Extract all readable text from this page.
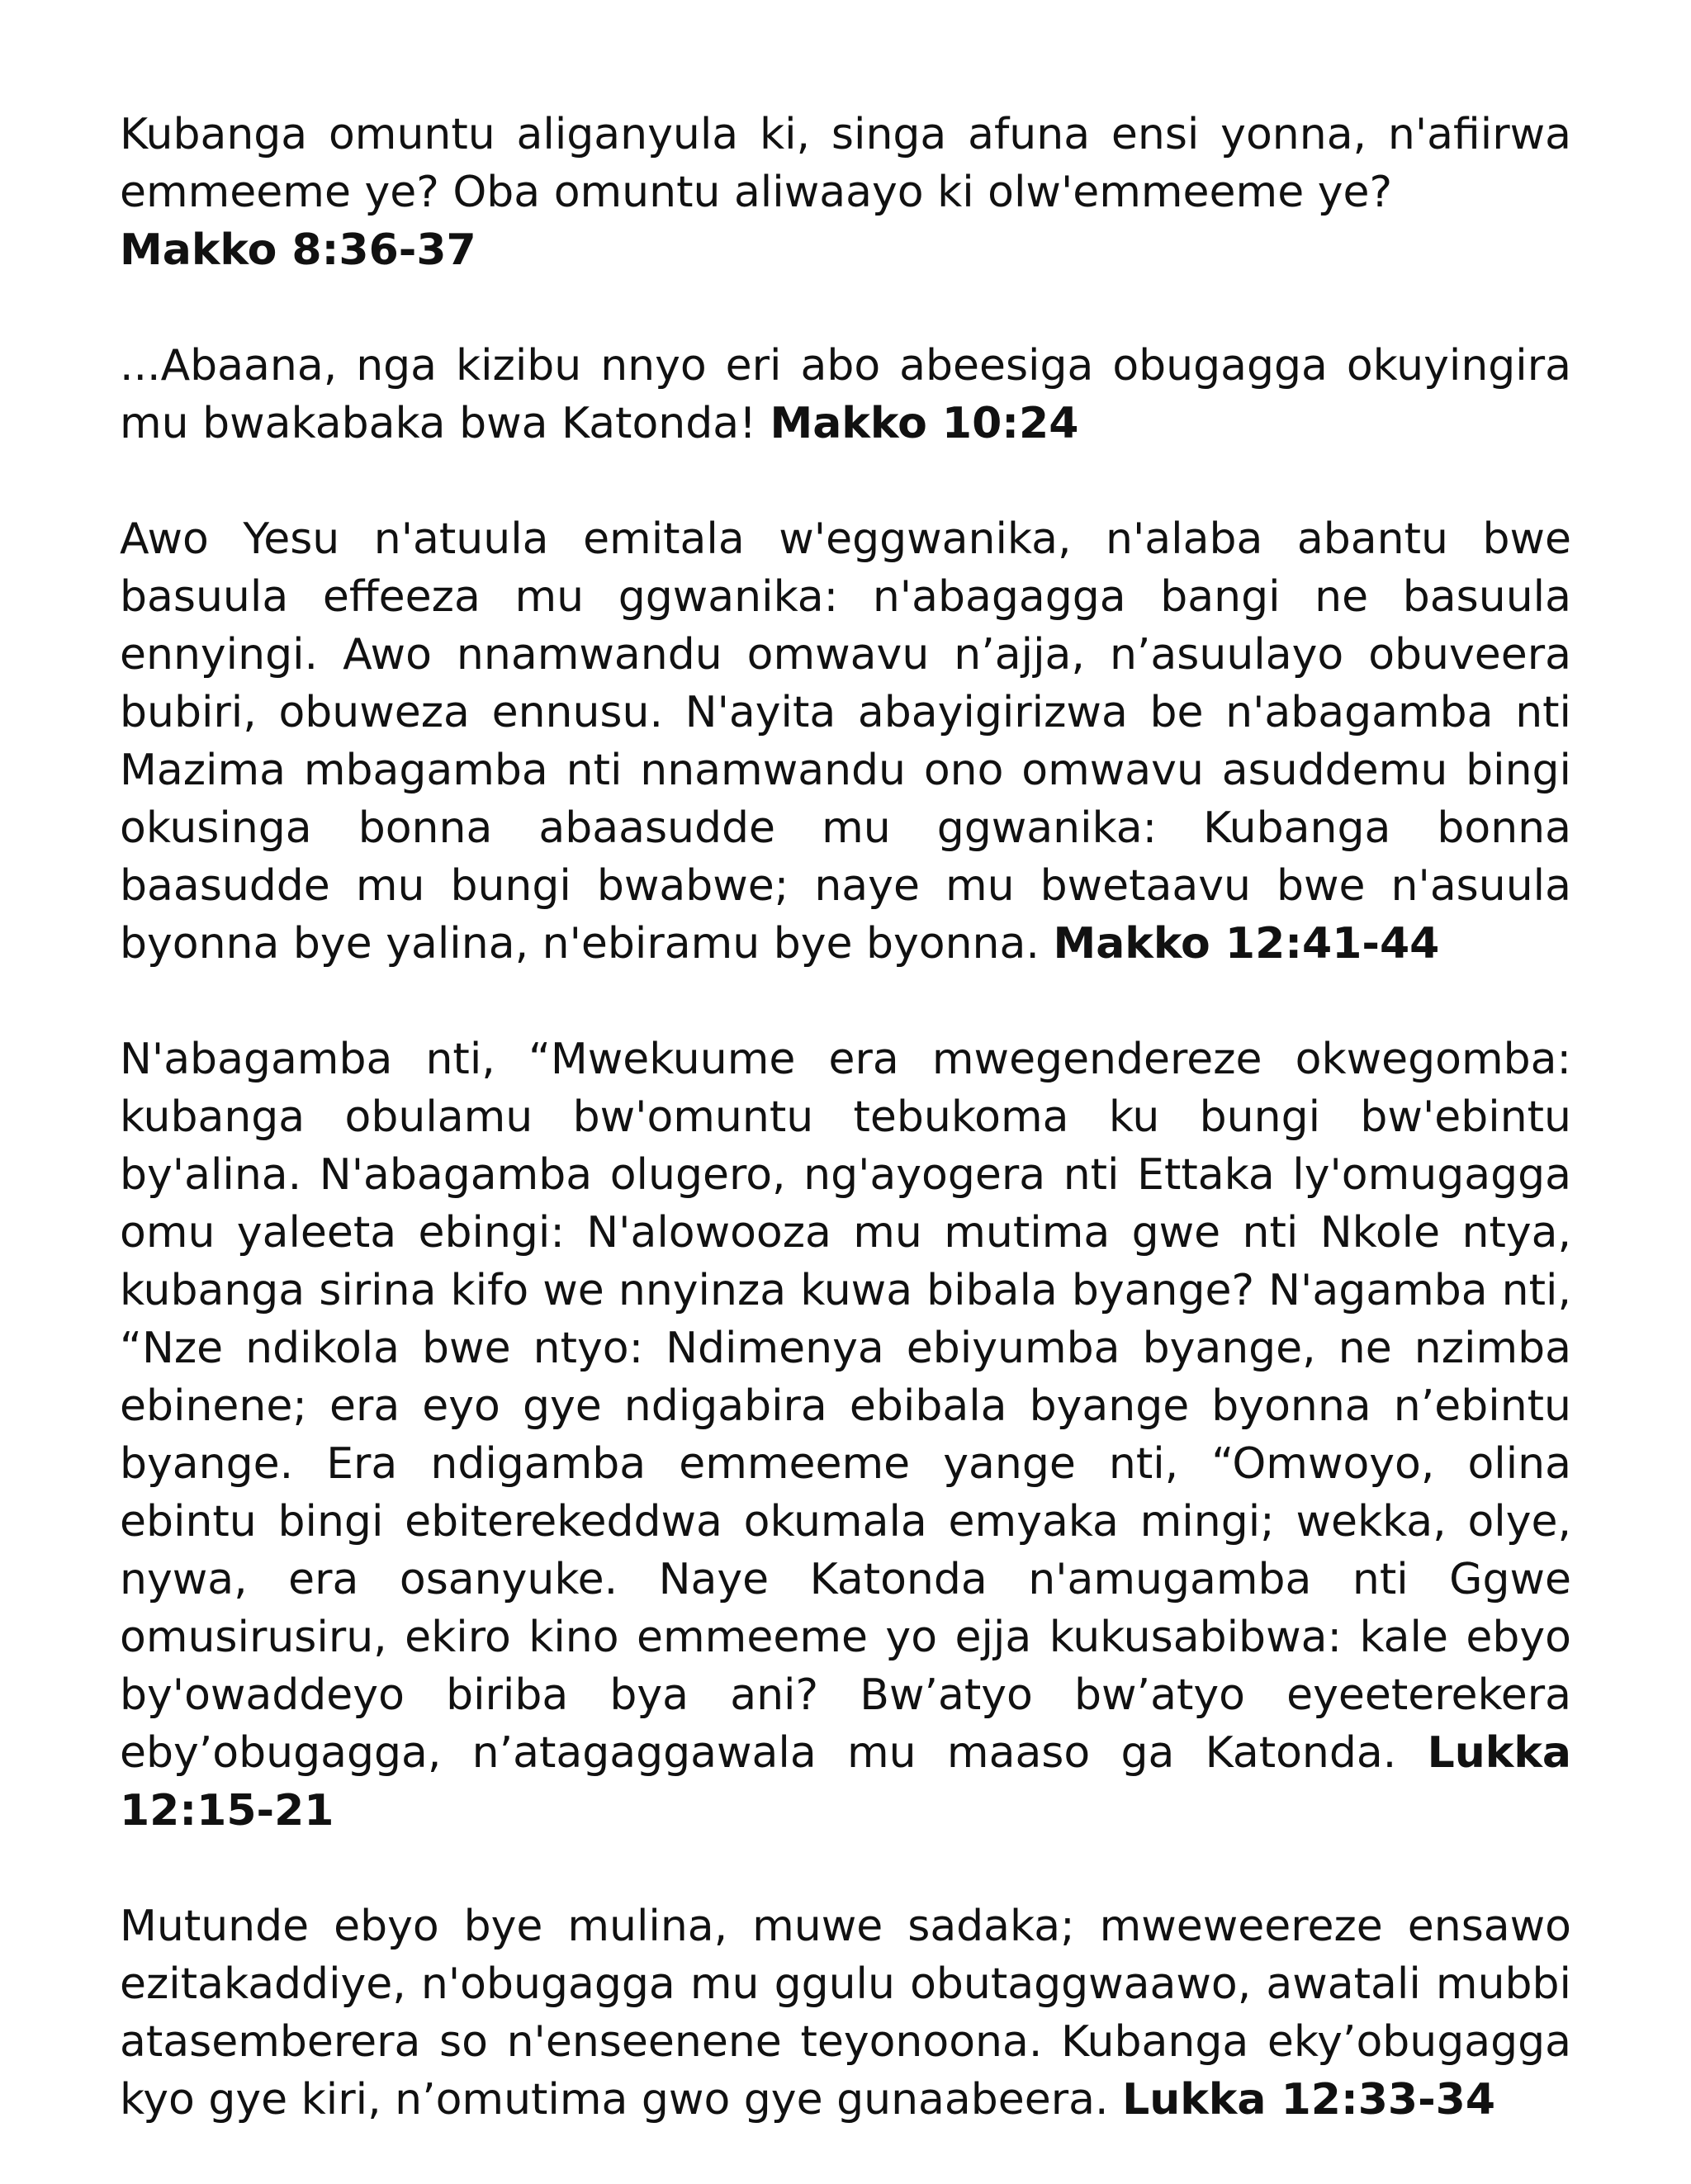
Kubanga omuntu aliganyula ki, singa afuna ensi yonna, n'afiirwa emmeeme ye? Oba omuntu aliwaayo ki olw'emmeeme ye?
Makko 8:36-37

...Abaana, nga kizibu nnyo eri abo abeesiga obugagga okuyingira mu bwakabaka bwa Katonda! Makko 10:24

Awo Yesu n'atuula emitala w'eggwanika, n'alaba abantu bwe basuula effeeza mu ggwanika: n'abagagga bangi ne basuula ennyingi. Awo nnamwandu omwavu n’ajja, n’asuulayo obuveera bubiri, obuweza ennusu. N'ayita abayigirizwa be n'abagamba nti Mazima mbagamba nti nnamwandu ono omwavu asuddemu bingi okusinga bonna abaasudde mu ggwanika: Kubanga bonna baasudde mu bungi bwabwe; naye mu bwetaavu bwe n'asuula byonna bye yalina, n'ebiramu bye byonna. Makko 12:41-44

N'abagamba nti, “Mwekuume era mwegendereze okwegomba: kubanga obulamu bw'omuntu tebukoma ku bungi bw'ebintu by'alina. N'abagamba olugero, ng'ayogera nti Ettaka ly'omugagga omu yaleeta ebingi: N'alowooza mu mutima gwe nti Nkole ntya, kubanga sirina kifo we nnyinza kuwa bibala byange? N'agamba nti, “Nze ndikola bwe ntyo: Ndimenya ebiyumba byange, ne nzimba ebinene; era eyo gye ndigabira ebibala byange byonna n’ebintu byange. Era ndigamba emmeeme yange nti, “Omwoyo, olina ebintu bingi ebiterekeddwa okumala emyaka mingi; wekka, olye, nywa, era osanyuke. Naye Katonda n'amugamba nti Ggwe omusirusiru, ekiro kino emmeeme yo ejja kukusabibwa: kale ebyo by'owaddeyo biriba bya ani? Bw’atyo bw’atyo eyeeterekera eby’obugagga, n’atagaggawala mu maaso ga Katonda. Lukka 12:15-21

Mutunde ebyo bye mulina, muwe sadaka; mweweereze ensawo ezitakaddiye, n'obugagga mu ggulu obutaggwaawo, awatali mubbi atasemberera so n'enseenene teyonoona. Kubanga eky’obugagga kyo gye kiri, n’omutima gwo gye gunaabeera. Lukka 12:33-34
